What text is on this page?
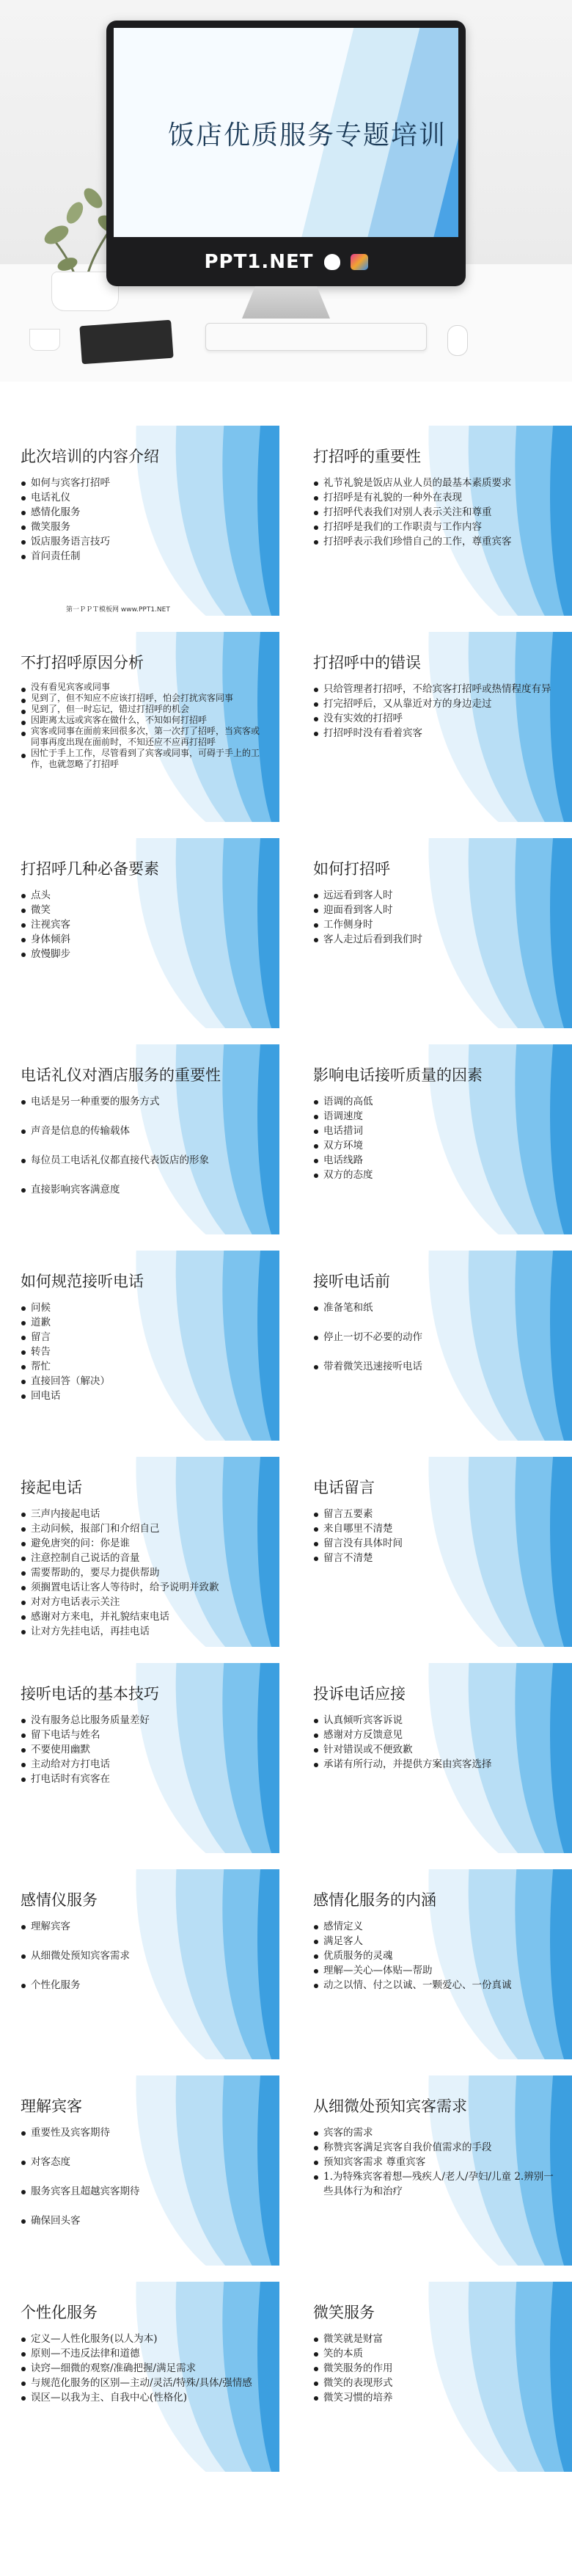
饭店优质服务专题培训
PPT1.NET
此次培训的内容介绍
如何与宾客打招呼
电话礼仪
感情化服务
微笑服务
饭店服务语言技巧
首问责任制
第一ＰＰＴ模板网 www.PPT1.NET
打招呼的重要性
礼节礼貌是饭店从业人员的最基本素质要求
打招呼是有礼貌的一种外在表现
打招呼代表我们对别人表示关注和尊重
打招呼是我们的工作职责与工作内容
打招呼表示我们珍惜自己的工作，尊重宾客
不打招呼原因分析
没有看见宾客或同事
见到了，但不知应不应该打招呼，怕会打扰宾客同事
见到了，但一时忘记，错过打招呼的机会
因距离太远或宾客在做什么，不知如何打招呼
宾客或同事在面前来回很多次，第一次打了招呼，当宾客或同事再度出现在面前时，不知还应不应再打招呼
因忙于手上工作，尽管看到了宾客或同事，可碍于手上的工作，也就忽略了打招呼
打招呼中的错误
只给管理者打招呼，不给宾客打招呼或热情程度有异
打完招呼后，又从靠近对方的身边走过
没有实效的打招呼
打招呼时没有看着宾客
打招呼几种必备要素
点头
微笑
注视宾客
身体倾斜
放慢脚步
如何打招呼
远远看到客人时
迎面看到客人时
工作侧身时
客人走过后看到我们时
电话礼仪对酒店服务的重要性
电话是另一种重要的服务方式
声音是信息的传输载体
每位员工电话礼仪都直接代表饭店的形象
直接影响宾客满意度
影响电话接听质量的因素
语调的高低
语调速度
电话措词
双方环境
电话线路
双方的态度
如何规范接听电话
问候
道歉
留言
转告
帮忙
直接回答（解决）
回电话
接听电话前
准备笔和纸
停止一切不必要的动作
带着微笑迅速接听电话
接起电话
三声内接起电话
主动问候，报部门和介绍自己
避免唐突的问：你是谁
注意控制自己说话的音量
需要帮助的，要尽力提供帮助
须搁置电话让客人等待时，给予说明并致歉
对对方电话表示关注
感谢对方来电，并礼貌结束电话
让对方先挂电话，再挂电话
电话留言
留言五要素
来自哪里不清楚
留言没有具体时间
留言不清楚
接听电话的基本技巧
没有服务总比服务质量差好
留下电话与姓名
不要使用幽默
主动给对方打电话
打电话时有宾客在
投诉电话应接
认真倾听宾客诉说
感谢对方反馈意见
针对错误或不便致歉
承诺有所行动，并提供方案由宾客选择
感情仪服务
理解宾客
从细微处预知宾客需求
个性化服务
感情化服务的内涵
感情定义
满足客人
优质服务的灵魂
理解—关心—体贴—帮助
动之以情、付之以诚、一颗爱心、一份真诚
理解宾客
重要性及宾客期待
对客态度
服务宾客且超越宾客期待
确保回头客
从细微处预知宾客需求
宾客的需求
称赞宾客满足宾客自我价值需求的手段
预知宾客需求 尊重宾客
1.为特殊宾客着想—残疾人/老人/孕妇/儿童 2.辨别一些具体行为和治疗
个性化服务
定义—人性化服务(以人为本)
原则—不违反法律和道德
诀窍—细微的观察/准确把握/满足需求
与规范化服务的区别—主动/灵活/特殊/具体/强情感
误区—以我为主、自我中心(性格化)
微笑服务
微笑就是财富
笑的本质
微笑服务的作用
微笑的表现形式
微笑习惯的培养
